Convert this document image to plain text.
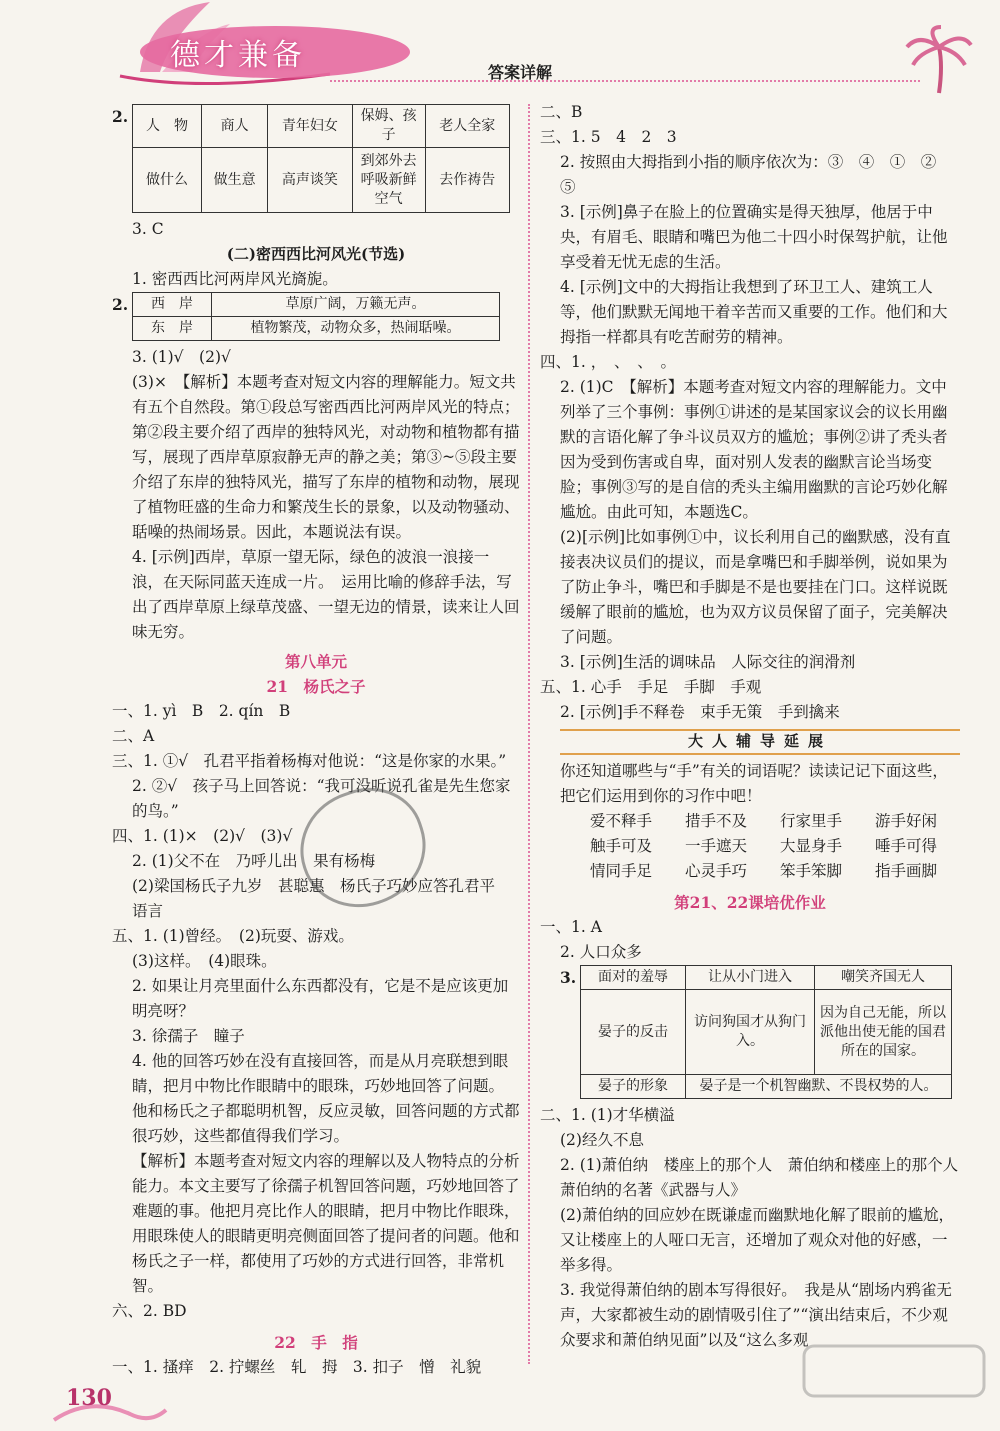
德才兼备	答案详解
2. 人　物	商人	青年妇女	保姆、孩子	老人全家
做什么	做生意	高声谈笑	到郊外去呼吸新鲜空气	去作祷告
3. C
(二)密西西比河风光(节选)
1. 密西西比河两岸风光旖旎。
2. 西　岸	草原广阔，万籁无声。
东　岸	植物繁茂，动物众多，热闹聒噪。
3. (1)√　(2)√
(3)×　【解析】本题考查对短文内容的理解能力。短文共有五个自然段。第①段总写密西西比河两岸风光的特点；第②段主要介绍了西岸的独特风光，对动物和植物都有描写，展现了西岸草原寂静无声的静之美；第③~⑤段主要介绍了东岸的独特风光，描写了东岸的植物和动物，展现了植物旺盛的生命力和繁茂生长的景象，以及动物骚动、聒噪的热闹场景。因此，本题说法有误。
4. [示例]西岸，草原一望无际，绿色的波浪一浪接一浪，在天际同蓝天连成一片。　运用比喻的修辞手法，写出了西岸草原上绿草茂盛、一望无边的情景，读来让人回味无穷。
第八单元
21　杨氏之子
一、1. yì　B　2. qín　B
二、A
三、1. ①√　孔君平指着杨梅对他说：“这是你家的水果。”
2. ②√　孩子马上回答说：“我可没听说孔雀是先生您家的鸟。”
四、1. (1)×　(2)√　(3)√
2. (1)父不在　乃呼儿出　果有杨梅
(2)梁国杨氏子九岁　甚聪惠　杨氏子巧妙应答孔君平　语言
五、1. (1)曾经。　(2)玩耍、游戏。
(3)这样。　(4)眼珠。
2. 如果让月亮里面什么东西都没有，它是不是应该更加明亮呀？
3. 徐孺子　瞳子
4. 他的回答巧妙在没有直接回答，而是从月亮联想到眼睛，把月中物比作眼睛中的眼珠，巧妙地回答了问题。　他和杨氏之子都聪明机智，反应灵敏，回答问题的方式都很巧妙，这些都值得我们学习。
【解析】本题考查对短文内容的理解以及人物特点的分析能力。本文主要写了徐孺子机智回答问题，巧妙地回答了难题的事。他把月亮比作人的眼睛，把月中物比作眼珠，用眼珠使人的眼睛更明亮侧面回答了提问者的问题。他和杨氏之子一样，都使用了巧妙的方式进行回答，非常机智。
六、2. BD
22　手　指
一、1. 搔痒　2. 拧螺丝　轧　拇　3. 扣子　憎　礼貌
二、B
三、1. 5　4　2　3
2. 按照由大拇指到小指的顺序依次为：③　④　①　②　⑤
3. [示例]鼻子在脸上的位置确实是得天独厚，他居于中央，有眉毛、眼睛和嘴巴为他二十四小时保驾护航，让他享受着无忧无虑的生活。
4. [示例]文中的大拇指让我想到了环卫工人、建筑工人等，他们默默无闻地干着辛苦而又重要的工作。他们和大拇指一样都具有吃苦耐劳的精神。
四、1. ，　、　、　。
2. (1)C　【解析】本题考查对短文内容的理解能力。文中列举了三个事例：事例①讲述的是某国家议会的议长用幽默的言语化解了争斗议员双方的尴尬；事例②讲了秃头者因为受到伤害或自卑，面对别人发表的幽默言论当场变脸；事例③写的是自信的秃头主编用幽默的言论巧妙化解尴尬。由此可知，本题选C。
(2)[示例]比如事例①中，议长利用自己的幽默感，没有直接表决议员们的提议，而是拿嘴巴和手脚举例，说如果为了防止争斗，嘴巴和手脚是不是也要挂在门口。这样说既缓解了眼前的尴尬，也为双方议员保留了面子，完美解决了问题。
3. [示例]生活的调味品　人际交往的润滑剂
五、1. 心手　手足　手脚　手观
2. [示例]手不释卷　束手无策　手到擒来
大人辅导延展
你还知道哪些与“手”有关的词语呢？读读记记下面这些，把它们运用到你的习作中吧！
爱不释手	措手不及	行家里手	游手好闲
触手可及	一手遮天	大显身手	唾手可得
情同手足	心灵手巧	笨手笨脚	指手画脚
第21、22课培优作业
一、1. A
2. 人口众多
3. 面对的羞辱	让从小门进入	嘲笑齐国无人
晏子的反击	访问狗国才从狗门入。	因为自己无能，所以派他出使无能的国君所在的国家。
晏子的形象	晏子是一个机智幽默、不畏权势的人。	
二、1. (1)才华横溢
(2)经久不息
2. (1)萧伯纳　楼座上的那个人　萧伯纳和楼座上的那个人　萧伯纳的名著《武器与人》
(2)萧伯纳的回应妙在既谦虚而幽默地化解了眼前的尴尬，又让楼座上的人哑口无言，还增加了观众对他的好感，一举多得。
3. 我觉得萧伯纳的剧本写得很好。　我是从“剧场内鸦雀无声，大家都被生动的剧情吸引住了”“演出结束后，不少观众要求和萧伯纳见面”以及“这么多观
130
